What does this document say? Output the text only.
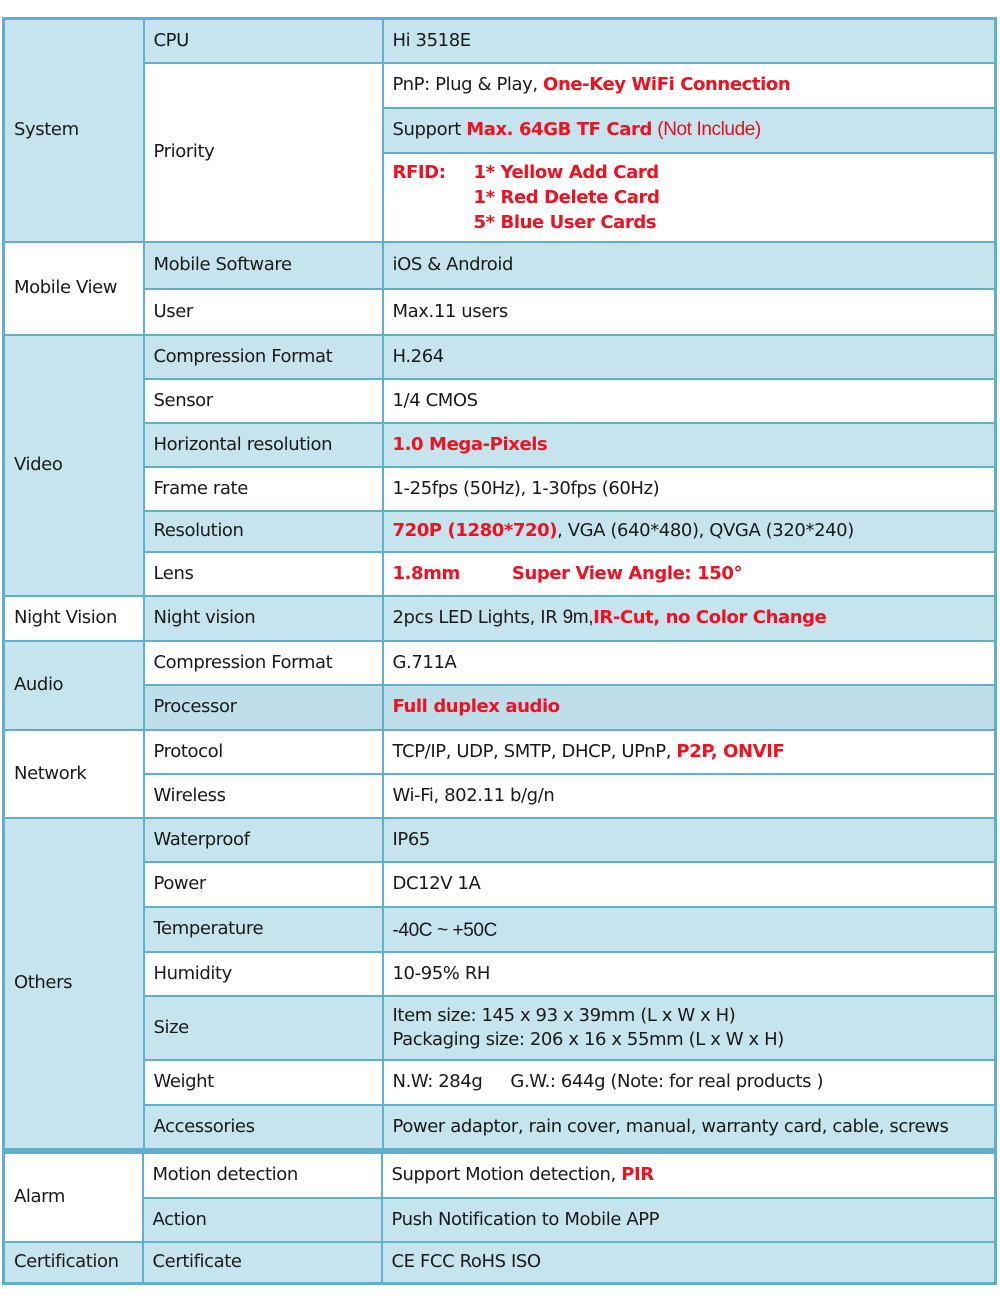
System	CPU	Hi 3518E
	Priority	PnP: Plug & Play, One-Key WiFi Connection
		Support Max. 64GB TF Card (Not Include)

		RFID: 1* Yellow Add Card
1* Red Delete Card
5* Blue User Cards

Mobile View	Mobile Software	iOS & Android
	User	Max.11 users
Video	Compression Format	H.264
	Sensor	1/4 CMOS
	Horizontal resolution	1.0 Mega-Pixels
	Frame rate	1-25fps (50Hz), 1-30fps (60Hz)
	Resolution	720P (1280*720), VGA (640*480), QVGA (320*240)
	Lens	1.8mm Super View Angle: 150°
Night Vision	Night vision	2pcs LED Lights, IR 9m,IR-Cut, no Color Change
Audio	Compression Format	G.711A
	Processor	Full duplex audio
Network	Protocol	TCP/IP, UDP, SMTP, DHCP, UPnP, P2P, ONVIF
	Wireless	Wi-Fi, 802.11 b/g/n
Others	Waterproof	IP65
	Power	DC12V 1A
	Temperature	-40C ~ +50C
	Humidity	10-95% RH
	Size	Item size: 145 x 93 x 39mm (L x W x H)
Packaging size: 206 x 16 x 55mm (L x W x H)

	Weight	N.W: 284g G.W.: 644g (Note: for real products )
	Accessories	Power adaptor, rain cover, manual, warranty card, cable, screws
Alarm	Motion detection	Support Motion detection, PIR
	Action	Push Notification to Mobile APP
Certification	Certificate	CE FCC RoHS ISO
